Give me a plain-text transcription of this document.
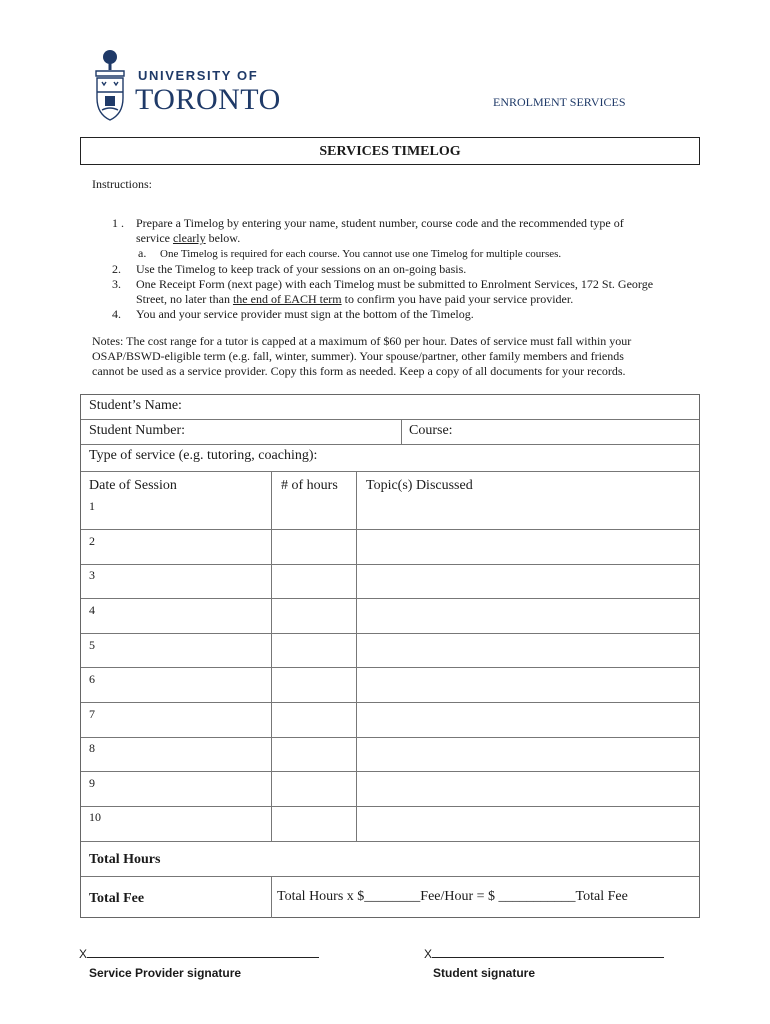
UNIVERSITY OF
TORONTO	ENROLMENT SERVICES
SERVICES TIMELOG
Instructions:
1 . Prepare a Timelog by entering your name, student number, course code and the recommended type of
service clearly below.
a. One Timelog is required for each course. You cannot use one Timelog for multiple courses.
2. Use the Timelog to keep track of your sessions on an on-going basis.
3. One Receipt Form (next page) with each Timelog must be submitted to Enrolment Services, 172 St. George
Street, no later than the end of EACH term to confirm you have paid your service provider.
4. You and your service provider must sign at the bottom of the Timelog.
Notes: The cost range for a tutor is capped at a maximum of $60 per hour. Dates of service must fall within your
OSAP/BSWD-eligible term (e.g. fall, winter, summer). Your spouse/partner, other family members and friends
cannot be used as a service provider. Copy this form as needed. Keep a copy of all documents for your records.
Student’s Name:
Student Number:	Course:
Type of service (e.g. tutoring, coaching):
Date of Session	# of hours Topic(s) Discussed
1
2
3
4
5
6
7
8
9
10
Total Hours
Total Fee	Total Hours x $________Fee/Hour = $ ___________Total Fee
X
Service Provider signature
X
Student signature
